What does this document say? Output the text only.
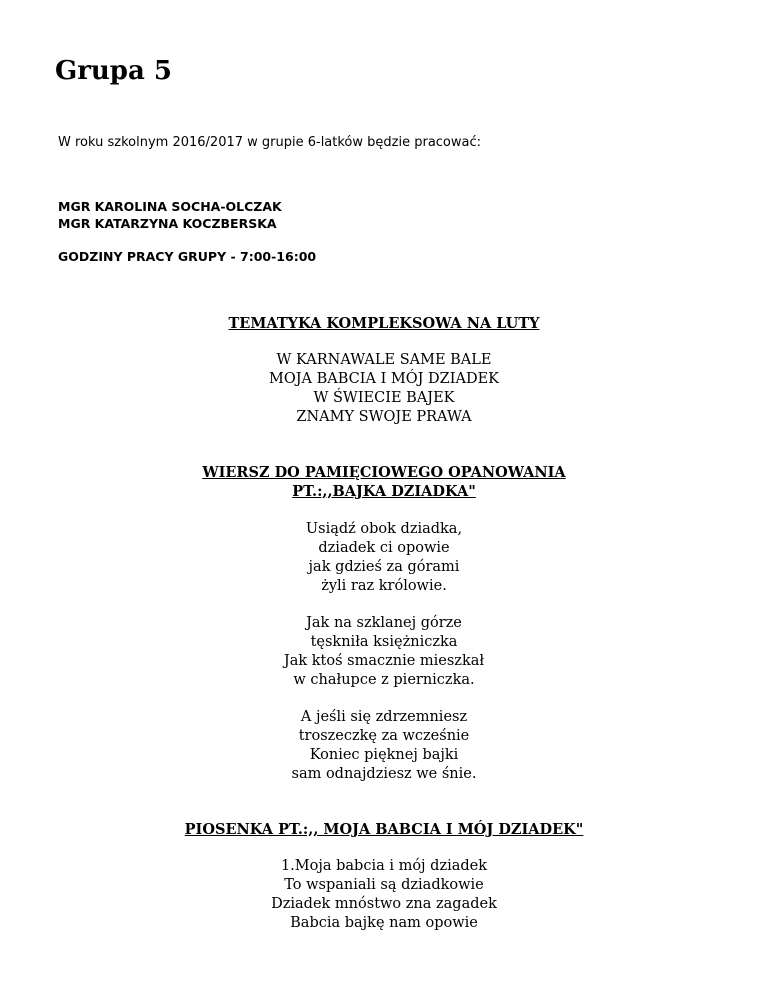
Grupa 5
W roku szkolnym 2016/2017 w grupie 6-latków będzie pracować:
MGR KAROLINA SOCHA-OLCZAK
MGR KATARZYNA KOCZBERSKA
GODZINY PRACY GRUPY - 7:00-16:00
TEMATYKA KOMPLEKSOWA NA LUTY
W KARNAWALE SAME BALE
MOJA BABCIA I MÓJ DZIADEK
W ŚWIECIE BAJEK
ZNAMY SWOJE PRAWA
WIERSZ DO PAMIĘCIOWEGO OPANOWANIA
PT.:,,BAJKA DZIADKA"
Usiądź obok dziadka,
dziadek ci opowie
jak gdzieś za górami
żyli raz królowie.
Jak na szklanej górze
tęskniła księżniczka
Jak ktoś smacznie mieszkał
w chałupce z pierniczka.
A jeśli się zdrzemniesz
troszeczkę za wcześnie
Koniec pięknej bajki
sam odnajdziesz we śnie.
PIOSENKA PT.:,, MOJA BABCIA I MÓJ DZIADEK"
1.Moja babcia i mój dziadek
To wspaniali są dziadkowie
Dziadek mnóstwo zna zagadek
Babcia bajkę nam opowie
